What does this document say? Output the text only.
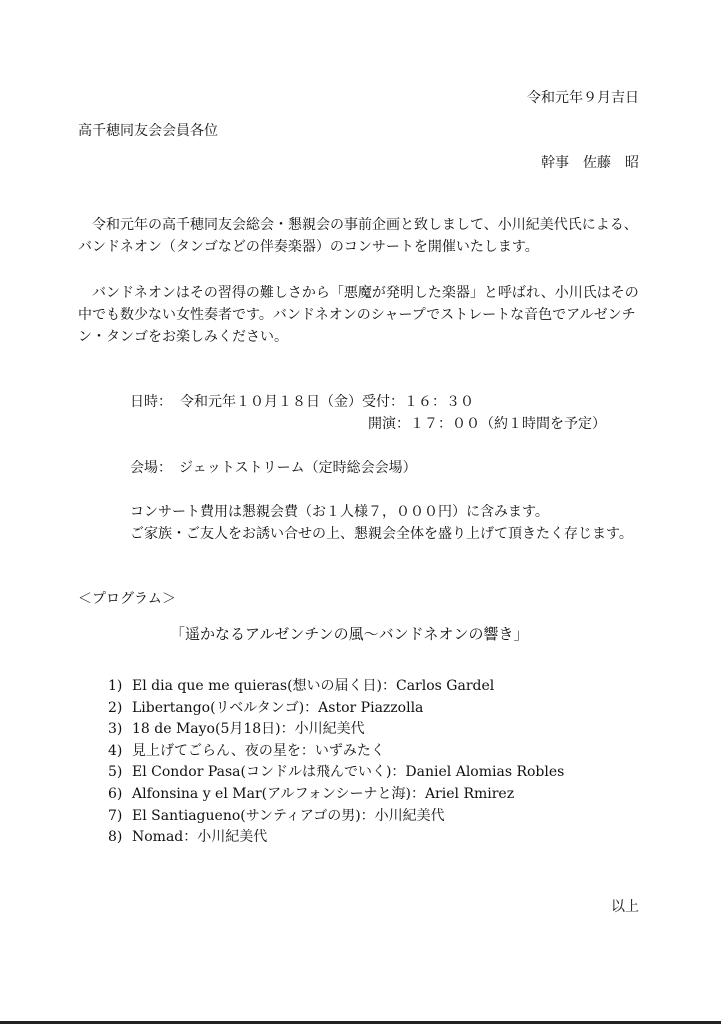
令和元年９月吉日
高千穂同友会会員各位
幹事　佐藤　昭
令和元年の高千穂同友会総会・懇親会の事前企画と致しまして、小川紀美代氏による、バンドネオン（タンゴなどの伴奏楽器）のコンサートを開催いたします。
バンドネオンはその習得の難しさから「悪魔が発明した楽器」と呼ばれ、小川氏はその中でも数少ない女性奏者です。バンドネオンのシャープでストレートな音色でアルゼンチン・タンゴをお楽しみください。
日時： 令和元年１０月１８日（金）受付：１６：３０
開演：１７：００（約１時間を予定）
会場：　ジェットストリーム（定時総会会場）
コンサート費用は懇親会費（お１人様７，０００円）に含みます。
ご家族・ご友人をお誘い合せの上、懇親会全体を盛り上げて頂きたく存じます。
＜プログラム＞
「遥かなるアルゼンチンの風～バンドネオンの響き」
1) El dia que me quieras(想いの届く日)：Carlos Gardel
2) Libertango(リベルタンゴ)：Astor Piazzolla
3) 18 de Mayo(5月18日)：小川紀美代
4) 見上げてごらん、夜の星を：いずみたく
5) El Condor Pasa(コンドルは飛んでいく)：Daniel Alomias Robles
6) Alfonsina y el Mar(アルフォンシーナと海)：Ariel Rmirez
7) El Santiagueno(サンティアゴの男)：小川紀美代
8) Nomad：小川紀美代
以上
